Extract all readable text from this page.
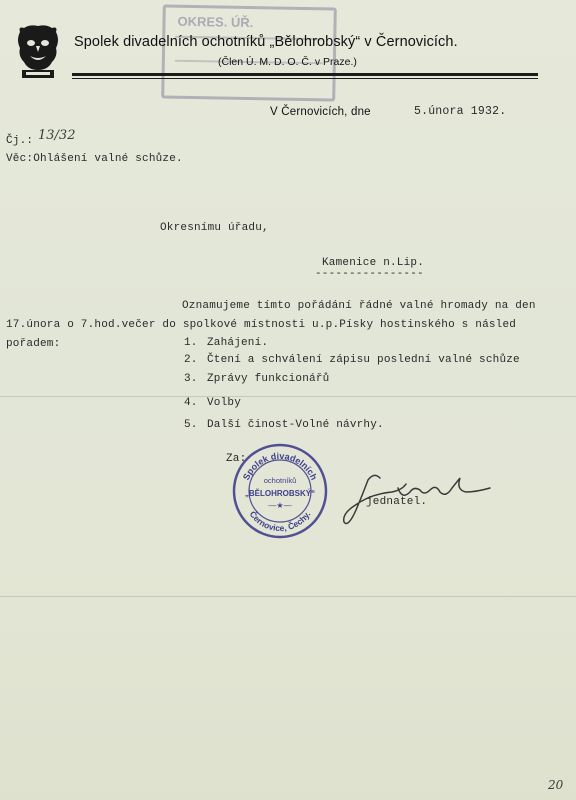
OKRES. ÚŘ.
Spolek divadelních ochotníků „Bělohrobský“ v Černovicích.
(Člen Ú. M. D. O. Č. v Praze.)
V Černovicích, dne	5.února 1932.
Čj.: 13/32
Věc:Ohlášení valné schůze.
Okresnímu úřadu,
Kamenice n.Lip.
----------------
Oznamujeme tímto pořádání řádné valné hromady na den
17.února o 7.hod.večer do spolkové místnosti u.p.Písky hostinského s násled
pořadem:	1. Zahájení.
2. Čtení a schválení zápisu poslední valné schůze
3. Zprávy funkcionářů
4. Volby
5. Další činost-Volné návrhy.
Za:
Spolek divadelních
ochotníků
„BĚLOHROBSKÝ“
—★—
Černovice, Čechy.
jednatel.
20
